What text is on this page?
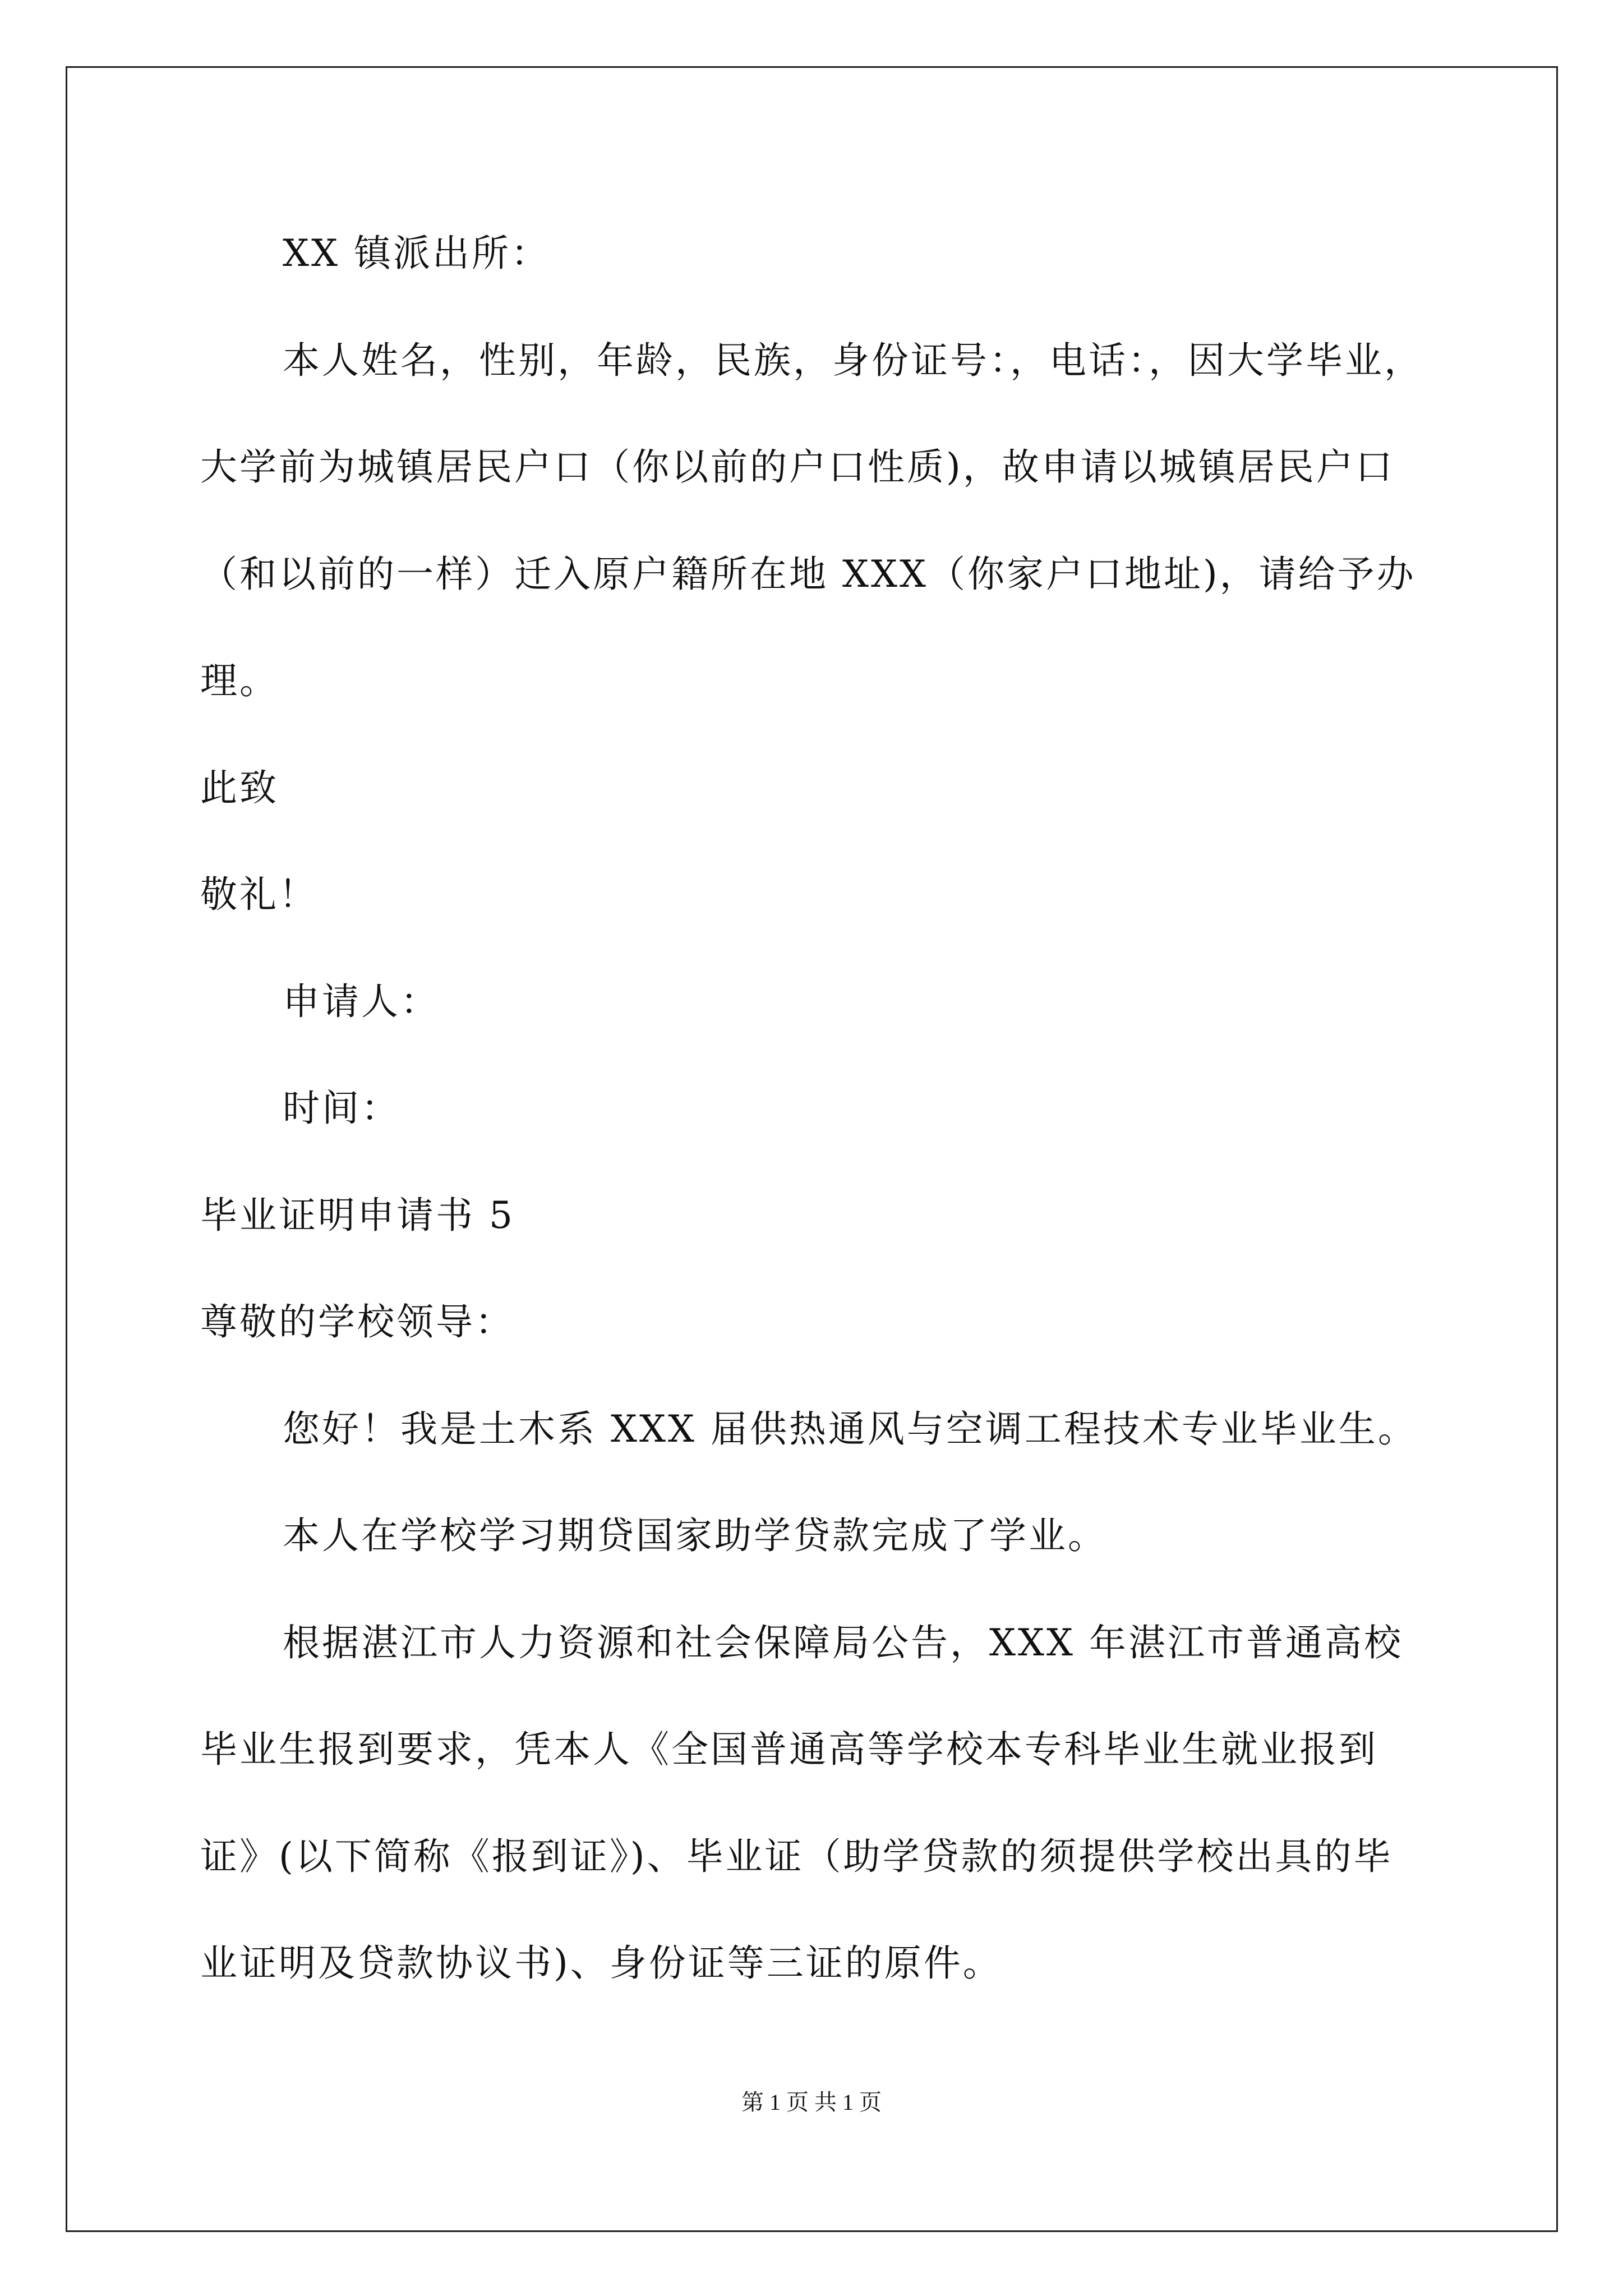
XX 镇派出所：
本人姓名，性别，年龄，民族，身份证号：，电话：，因大学毕业，
大学前为城镇居民户口（你以前的户口性质)，故申请以城镇居民户口
（和以前的一样）迁入原户籍所在地 XXX（你家户口地址)，请给予办
理。
此致
敬礼！
申请人：
时间：
毕业证明申请书 5
尊敬的学校领导：
您好！我是土木系 XXX 届供热通风与空调工程技术专业毕业生。
本人在学校学习期贷国家助学贷款完成了学业。
根据湛江市人力资源和社会保障局公告，XXX 年湛江市普通高校
毕业生报到要求，凭本人《全国普通高等学校本专科毕业生就业报到
证》(以下简称《报到证》)、毕业证（助学贷款的须提供学校出具的毕
业证明及贷款协议书)、身份证等三证的原件。
第 1 页 共 1 页
